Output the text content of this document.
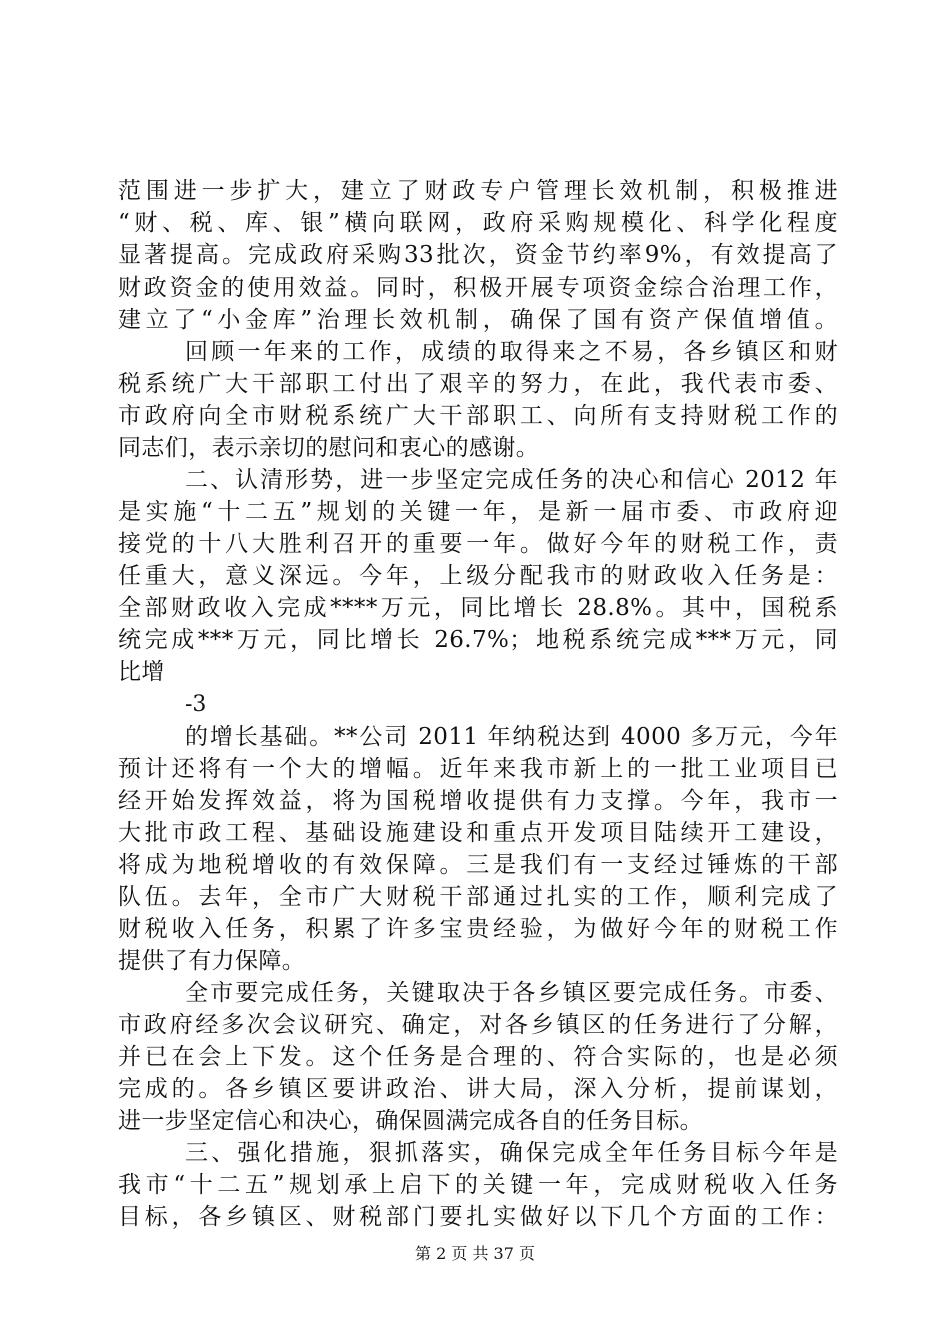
范围进一步扩大，建立了财政专户管理长效机制，积极推进
“财、税、库、银”横向联网，政府采购规模化、科学化程度
显著提高。完成政府采购33批次，资金节约率9%，有效提高了
财政资金的使用效益。同时，积极开展专项资金综合治理工作，
建立了“小金库”治理长效机制，确保了国有资产保值增值。
回顾一年来的工作，成绩的取得来之不易，各乡镇区和财
税系统广大干部职工付出了艰辛的努力，在此，我代表市委、
市政府向全市财税系统广大干部职工、向所有支持财税工作的
同志们，表示亲切的慰问和衷心的感谢。
二、认清形势，进一步坚定完成任务的决心和信心 2012 年
是实施“十二五”规划的关键一年，是新一届市委、市政府迎
接党的十八大胜利召开的重要一年。做好今年的财税工作，责
任重大，意义深远。今年，上级分配我市的财政收入任务是：
全部财政收入完成****万元，同比增长 28.8%。其中，国税系
统完成***万元，同比增长 26.7%；地税系统完成***万元，同
比增
-3
的增长基础。**公司 2011 年纳税达到 4000 多万元，今年
预计还将有一个大的增幅。近年来我市新上的一批工业项目已
经开始发挥效益，将为国税增收提供有力支撑。今年，我市一
大批市政工程、基础设施建设和重点开发项目陆续开工建设，
将成为地税增收的有效保障。三是我们有一支经过锤炼的干部
队伍。去年，全市广大财税干部通过扎实的工作，顺利完成了
财税收入任务，积累了许多宝贵经验，为做好今年的财税工作
提供了有力保障。
全市要完成任务，关键取决于各乡镇区要完成任务。市委、
市政府经多次会议研究、确定，对各乡镇区的任务进行了分解，
并已在会上下发。这个任务是合理的、符合实际的，也是必须
完成的。各乡镇区要讲政治、讲大局，深入分析，提前谋划，
进一步坚定信心和决心，确保圆满完成各自的任务目标。
三、强化措施，狠抓落实，确保完成全年任务目标今年是
我市“十二五”规划承上启下的关键一年，完成财税收入任务
目标，各乡镇区、财税部门要扎实做好以下几个方面的工作：
第 2 页 共 37 页
